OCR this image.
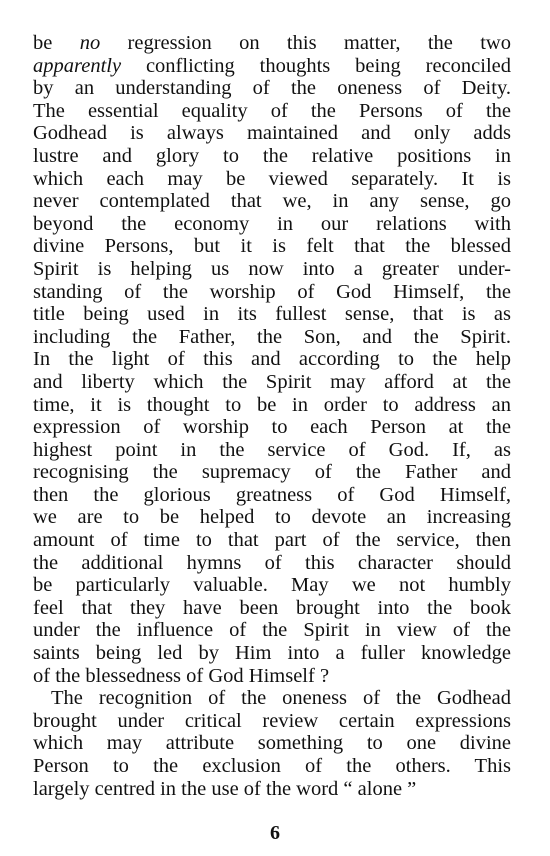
be no regression on this matter, the two
apparently conflicting thoughts being reconciled
by an understanding of the oneness of Deity.
The essential equality of the Persons of the
Godhead is always maintained and only adds
lustre and glory to the relative positions in
which each may be viewed separately. It is
never contemplated that we, in any sense, go
beyond the economy in our relations with
divine Persons, but it is felt that the blessed
Spirit is helping us now into a greater under-
standing of the worship of God Himself, the
title being used in its fullest sense, that is as
including the Father, the Son, and the Spirit.
In the light of this and according to the help
and liberty which the Spirit may afford at the
time, it is thought to be in order to address an
expression of worship to each Person at the
highest point in the service of God. If, as
recognising the supremacy of the Father and
then the glorious greatness of God Himself,
we are to be helped to devote an increasing
amount of time to that part of the service, then
the additional hymns of this character should
be particularly valuable. May we not humbly
feel that they have been brought into the book
under the influence of the Spirit in view of the
saints being led by Him into a fuller knowledge
of the blessedness of God Himself ?
The recognition of the oneness of the Godhead
brought under critical review certain expressions
which may attribute something to one divine
Person to the exclusion of the others. This
largely centred in the use of the word “ alone ”
6
